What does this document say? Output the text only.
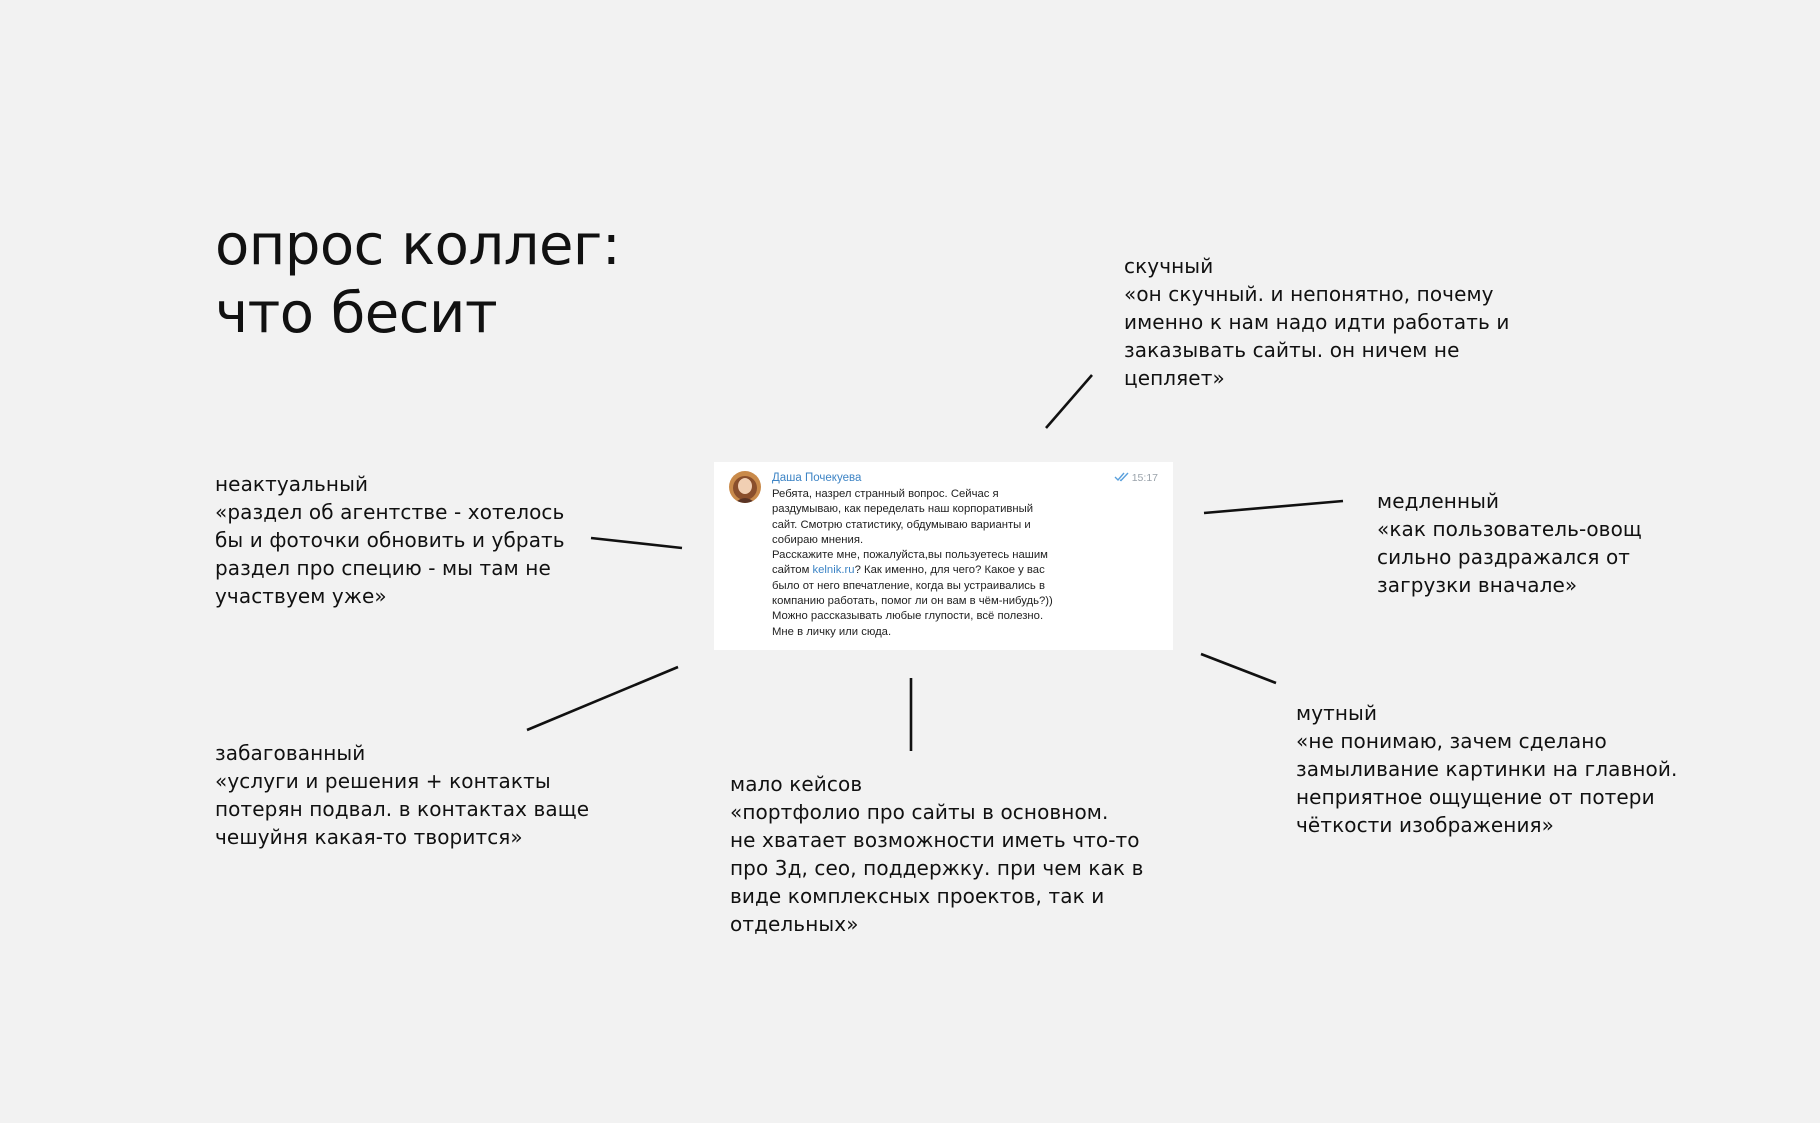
опрос коллег:
что бесит
Даша Почекуева	15:17

Ребята, назрел странный вопрос. Сейчас я
раздумываю, как переделать наш корпоративный
сайт. Смотрю статистику, обдумываю варианты и
собираю мнения.

Расскажите мне, пожалуйста,вы пользуетесь нашим
сайтом kelnik.ru? Как именно, для чего? Какое у вас
было от него впечатление, когда вы устраивались в
компанию работать, помог ли он вам в чём-нибудь?))
Можно рассказывать любые глупости, всё полезно.
Мне в личку или сюда.

скучный
«он скучный. и непонятно, почему
именно к нам надо идти работать и
заказывать сайты. он ничем не
цепляет»
неактуальный
«раздел об агентстве - хотелось
бы и фоточки обновить и убрать
раздел про специю - мы там не
участвуем уже»
медленный
«как пользователь-овощ
сильно раздражался от
загрузки вначале»
забагованный
«услуги и решения + контакты
потерян подвал. в контактах ваще
чешуйня какая-то творится»
мало кейсов
«портфолио про сайты в основном.
не хватает возможности иметь что-то
про 3д, сео, поддержку. при чем как в
виде комплексных проектов, так и
отдельных»
мутный
«не понимаю, зачем сделано
замыливание картинки на главной.
неприятное ощущение от потери
чёткости изображения»
